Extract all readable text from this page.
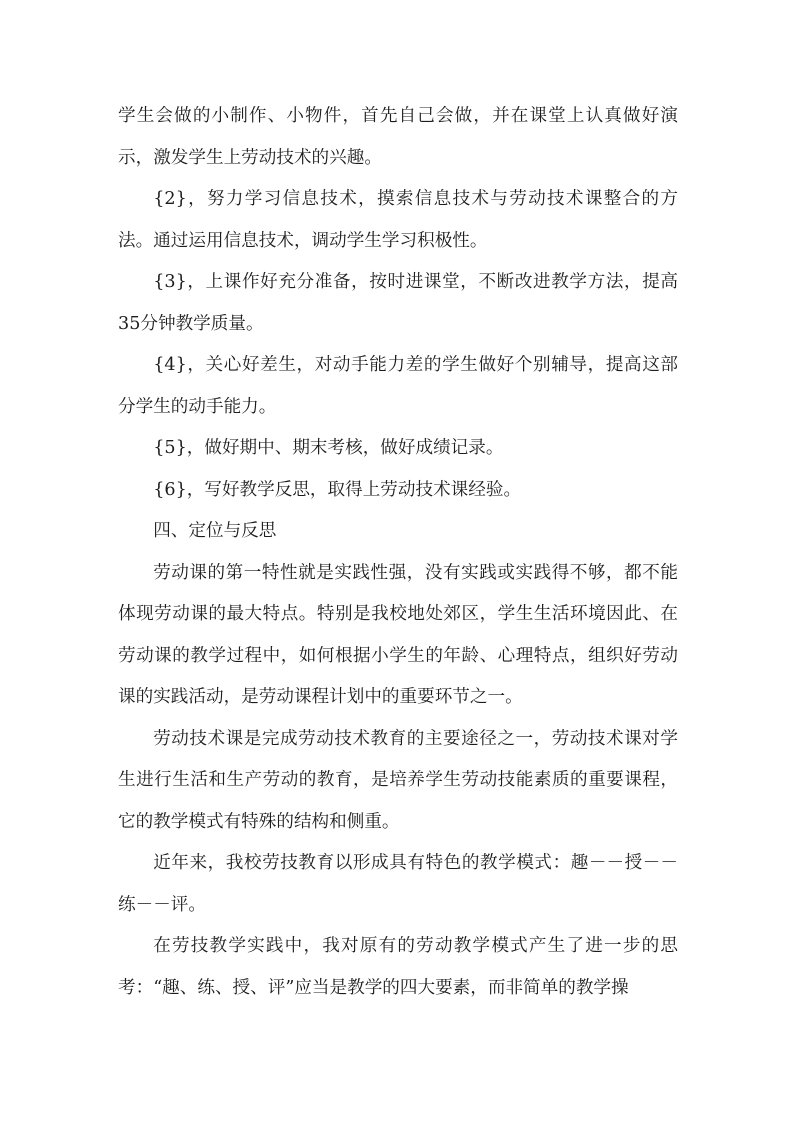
学生会做的小制作、小物件，首先自己会做，并在课堂上认真做好演示，激发学生上劳动技术的兴趣。

{2}，努力学习信息技术，摸索信息技术与劳动技术课整合的方法。通过运用信息技术，调动学生学习积极性。

{3}，上课作好充分准备，按时进课堂，不断改进教学方法，提高35分钟教学质量。

{4}，关心好差生，对动手能力差的学生做好个别辅导，提高这部分学生的动手能力。

{5}，做好期中、期末考核，做好成绩记录。

{6}，写好教学反思，取得上劳动技术课经验。

四、定位与反思

劳动课的第一特性就是实践性强，没有实践或实践得不够，都不能体现劳动课的最大特点。特别是我校地处郊区，学生生活环境因此、在劳动课的教学过程中，如何根据小学生的年龄、心理特点，组织好劳动课的实践活动，是劳动课程计划中的重要环节之一。

劳动技术课是完成劳动技术教育的主要途径之一，劳动技术课对学生进行生活和生产劳动的教育，是培养学生劳动技能素质的重要课程，它的教学模式有特殊的结构和侧重。

近年来，我校劳技教育以形成具有特色的教学模式：趣－－授－－练－－评。

在劳技教学实践中，我对原有的劳动教学模式产生了进一步的思考：“趣、练、授、评”应当是教学的四大要素，而非简单的教学操
